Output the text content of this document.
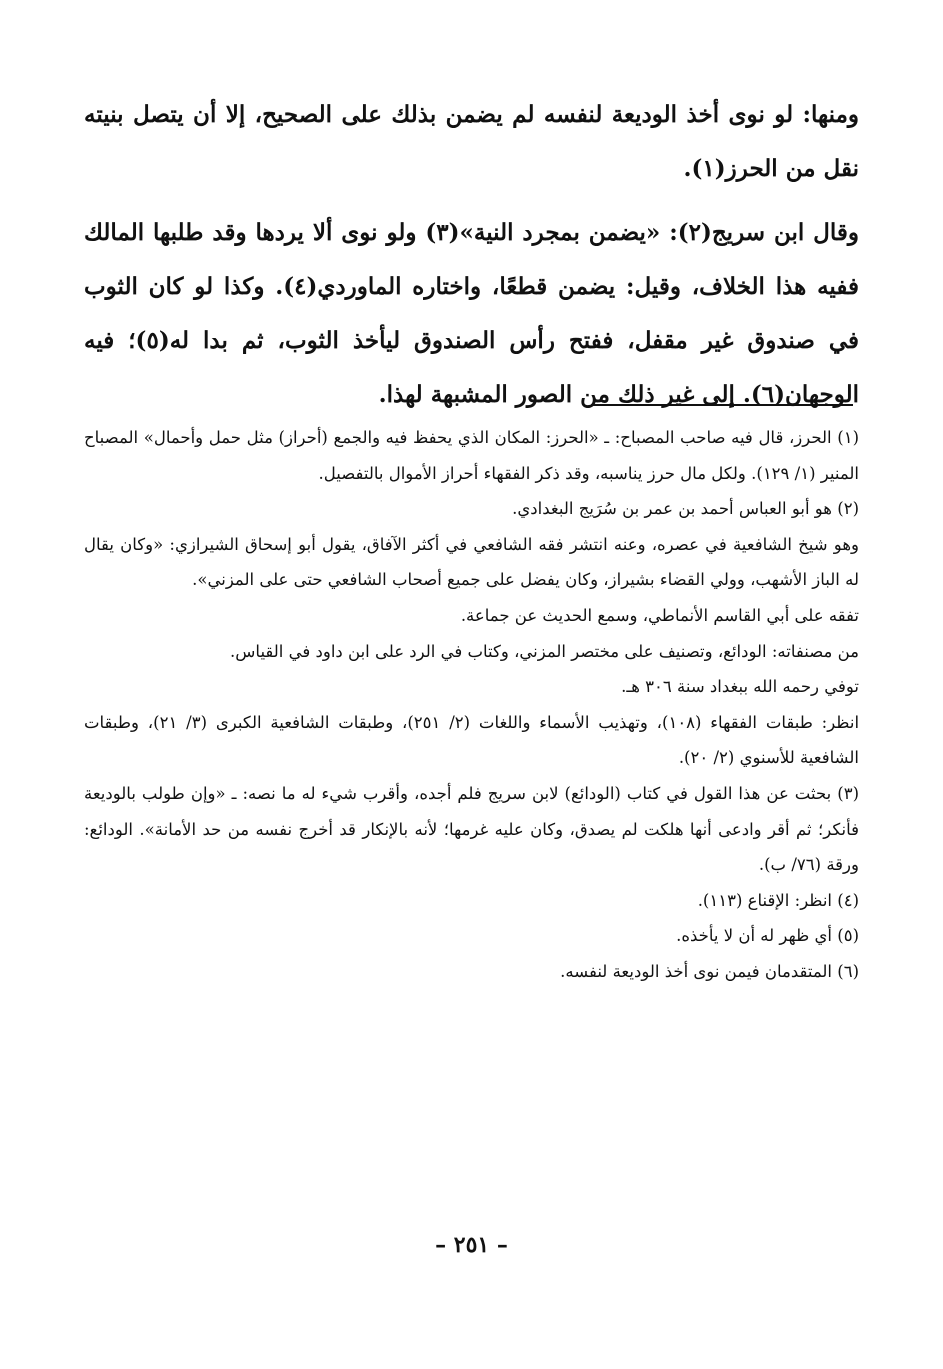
ومنها: لو نوى أخذ الوديعة لنفسه لم يضمن بذلك على الصحيح، إلا أن يتصل بنيته نقل من الحرز(١).

وقال ابن سريج(٢): «يضمن بمجرد النية»(٣) ولو نوى ألا يردها وقد طلبها المالك ففيه هذا الخلاف، وقيل: يضمن قطعًا، واختاره الماوردي(٤). وكذا لو كان الثوب في صندوق غير مقفل، ففتح رأس الصندوق ليأخذ الثوب، ثم بدا له(٥)؛ فيه الوجهان(٦). إلى غير ذلك من الصور المشبهة لهذا.

(١) الحرز، قال فيه صاحب المصباح: ـ «الحرز: المكان الذي يحفظ فيه والجمع (أحراز) مثل حمل وأحمال» المصباح المنير (١/ ١٢٩). ولكل مال حرز يناسبه، وقد ذكر الفقهاء أحراز الأموال بالتفصيل.
(٢) هو أبو العباس أحمد بن عمر بن سُرَيج البغدادي.
وهو شيخ الشافعية في عصره، وعنه انتشر فقه الشافعي في أكثر الآفاق، يقول أبو إسحاق الشيرازي: «وكان يقال له الباز الأشهب، وولي القضاء بشيراز، وكان يفضل على جميع أصحاب الشافعي حتى على المزني».
تفقه على أبي القاسم الأنماطي، وسمع الحديث عن جماعة.
من مصنفاته: الودائع، وتصنيف على مختصر المزني، وكتاب في الرد على ابن داود في القياس.
توفي رحمه الله ببغداد سنة ٣٠٦ هـ.
انظر: طبقات الفقهاء (١٠٨)، وتهذيب الأسماء واللغات (٢/ ٢٥١)، وطبقات الشافعية الكبرى (٣/ ٢١)، وطبقات الشافعية للأسنوي (٢/ ٢٠).
(٣) بحثت عن هذا القول في كتاب (الودائع) لابن سريج فلم أجده، وأقرب شيء له ما نصه: ـ «وإن طولب بالوديعة فأنكر؛ ثم أقر وادعى أنها هلكت لم يصدق، وكان عليه غرمها؛ لأنه بالإنكار قد أخرج نفسه من حد الأمانة». الودائع: ورقة (٧٦/ ب).
(٤) انظر: الإقناع (١١٣).
(٥) أي ظهر له أن لا يأخذه.
(٦) المتقدمان فيمن نوى أخذ الوديعة لنفسه.
– ٢٥١ –
